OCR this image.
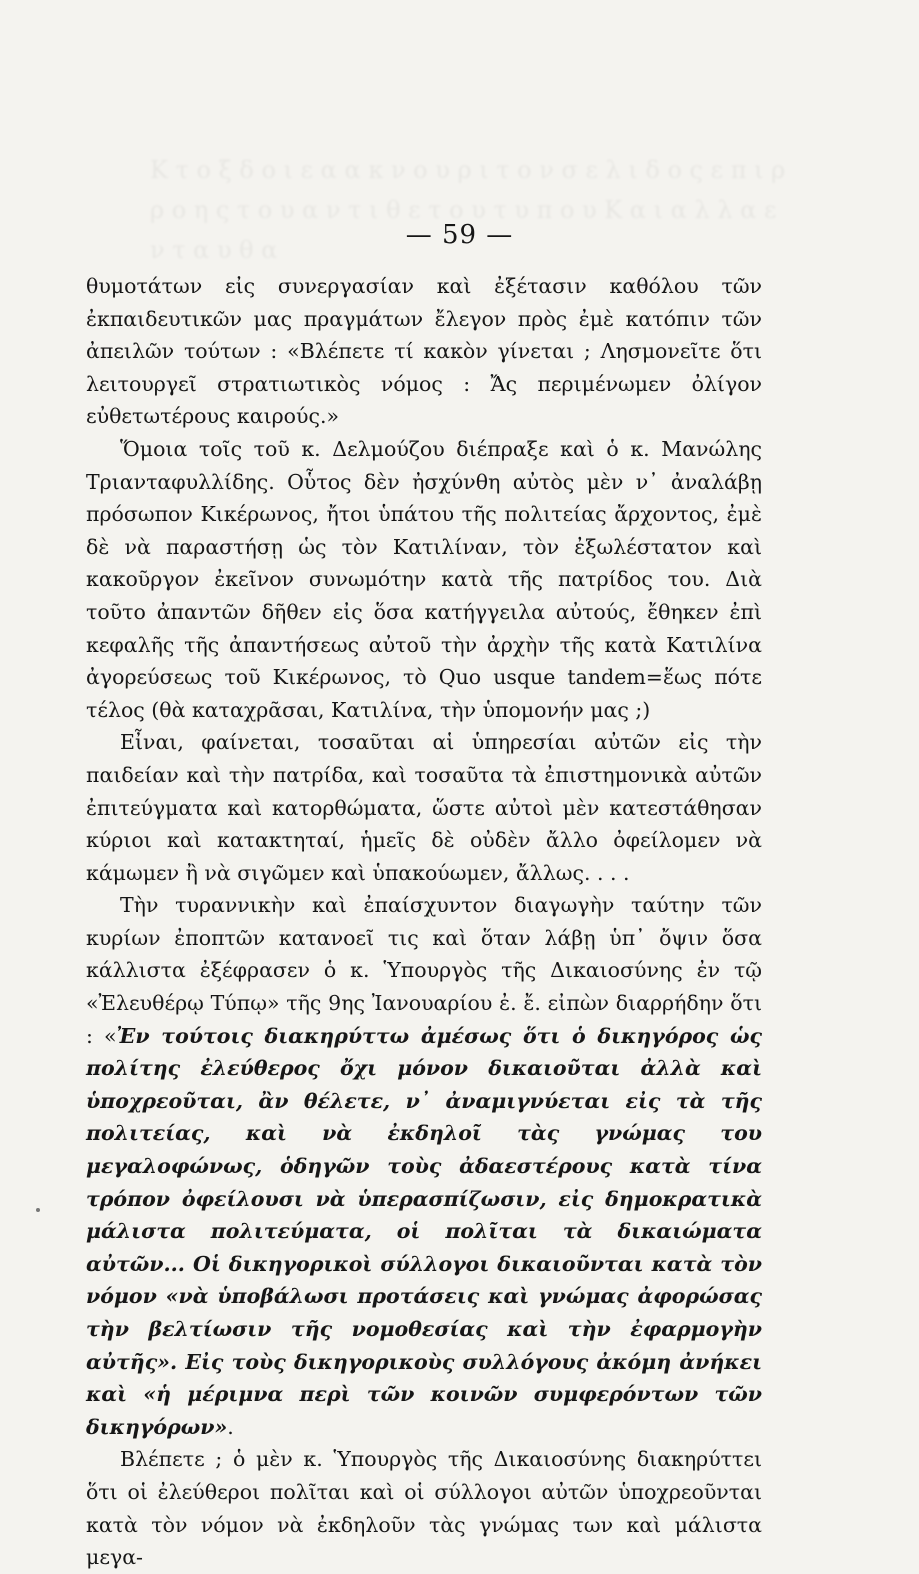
Κ τ ο ξ δ ο ι ε α α κ ν ο υ ρ ι τ ο ν σ ε λ ι δ ο ς ε π ι ρ ρ ο η ς τ ο υ α ν τ ι θ ε τ ο υ τ υ π ο υ Κ α ι α λ λ α ε ν τ α υ θ α	— 59 —

θυμοτάτων εἰς συνεργασίαν καὶ ἐξέτασιν καθόλου τῶν ἐκπαιδευτικῶν μας πραγμάτων ἔλεγον πρὸς ἐμὲ κατόπιν τῶν ἀπειλῶν τούτων : «Βλέπετε τί κακὸν γίνεται ; Λησμονεῖτε ὅτι λειτουργεῖ στρατιωτικὸς νόμος : Ἄς περιμένωμεν ὀλίγον εὐθετωτέρους καιρούς.»

Ὅμοια τοῖς τοῦ κ. Δελμούζου διέπραξε καὶ ὁ κ. Μανώλης Τριανταφυλλίδης. Οὗτος δὲν ἠσχύνθη αὐτὸς μὲν ν᾽ ἀναλάβῃ πρόσωπον Κικέρωνος, ἤτοι ὑπάτου τῆς πολιτείας ἄρχοντος, ἐμὲ δὲ νὰ παραστήσῃ ὡς τὸν Κατιλίναν, τὸν ἐξωλέστατον καὶ κακοῦργον ἐκεῖνον συνωμότην κατὰ τῆς πατρίδος του. Διὰ τοῦτο ἀπαντῶν δῆθεν εἰς ὅσα κατήγγειλα αὐτούς, ἔθηκεν ἐπὶ κεφαλῆς τῆς ἀπαντήσεως αὐτοῦ τὴν ἀρχὴν τῆς κατὰ Κατιλίνα ἀγορεύσεως τοῦ Κικέρωνος, τὸ Quo usque tandem=ἕως πότε τέλος (θὰ καταχρᾶσαι, Κατιλίνα, τὴν ὑπομονήν μας ;)

Εἶναι, φαίνεται, τοσαῦται αἱ ὑπηρεσίαι αὐτῶν εἰς τὴν παιδείαν καὶ τὴν πατρίδα, καὶ τοσαῦτα τὰ ἐπιστημονικὰ αὐτῶν ἐπιτεύγματα καὶ κατορθώματα, ὥστε αὐτοὶ μὲν κατεστάθησαν κύριοι καὶ κατακτηταί, ἡμεῖς δὲ οὐδὲν ἄλλο ὀφείλομεν νὰ κάμωμεν ἢ νὰ σιγῶμεν καὶ ὑπακούωμεν, ἄλλως. . . .

Τὴν τυραννικὴν καὶ ἐπαίσχυντον διαγωγὴν ταύτην τῶν κυρίων ἐποπτῶν κατανοεῖ τις καὶ ὅταν λάβῃ ὑπ᾽ ὄψιν ὅσα κάλλιστα ἐξέφρασεν ὁ κ. Ὑπουργὸς τῆς Δικαιοσύνης ἐν τῷ «Ἐλευθέρῳ Τύπῳ» τῆς 9ης Ἰανουαρίου ἐ. ἔ. εἰπὼν διαρρήδην ὅτι : «Ἐν τούτοις διακηρύττω ἀμέσως ὅτι ὁ δικηγόρος ὡς πολίτης ἐλεύθερος ὄχι μόνον δικαιοῦται ἀλλὰ καὶ ὑποχρεοῦται, ἂν θέλετε, ν᾽ ἀναμιγνύεται εἰς τὰ τῆς πολιτείας, καὶ νὰ ἐκδηλοῖ τὰς γνώμας του μεγαλοφώνως, ὁδηγῶν τοὺς ἀδαεστέρους κατὰ τίνα τρόπον ὀφείλουσι νὰ ὑπερασπίζωσιν, εἰς δημοκρατικὰ μάλιστα πολιτεύματα, οἱ πολῖται τὰ δικαιώματα αὐτῶν... Οἱ δικηγορικοὶ σύλλογοι δικαιοῦνται κατὰ τὸν νόμον «νὰ ὑποβάλωσι προτάσεις καὶ γνώμας ἀφορώσας τὴν βελτίωσιν τῆς νομοθεσίας καὶ τὴν ἐφαρμογὴν αὐτῆς». Εἰς τοὺς δικηγορικοὺς συλλόγους ἀκόμη ἀνήκει καὶ «ἡ μέριμνα περὶ τῶν κοινῶν συμφερόντων τῶν δικηγόρων».

Βλέπετε ; ὁ μὲν κ. Ὑπουργὸς τῆς Δικαιοσύνης διακηρύττει ὅτι οἱ ἐλεύθεροι πολῖται καὶ οἱ σύλλογοι αὐτῶν ὑποχρεοῦνται κατὰ τὸν νόμον νὰ ἐκδηλοῦν τὰς γνώμας των καὶ μάλιστα μεγα-
